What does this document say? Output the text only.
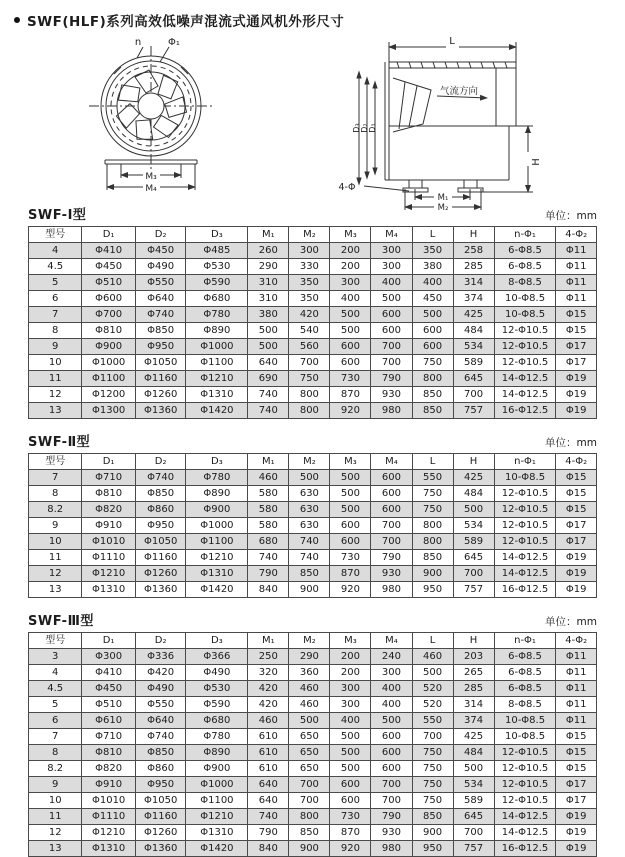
SWF(HLF)系列高效低噪声混流式通风机外形尺寸
n	Φ₁
M₃
M₄
L
气流方向
H
4-Φ
M₁
M₂
D₃ D₂ D₁
SWF-Ⅰ型	单位：mm
型号	D₁	D₂	D₃	M₁	M₂	M₃	M₄	L	H	n-Φ₁	4-Φ₂
4	Φ410	Φ450	Φ485	260	300	200	300	350	258	6-Φ8.5	Φ11
4.5	Φ450	Φ490	Φ530	290	330	200	300	380	285	6-Φ8.5	Φ11
5	Φ510	Φ550	Φ590	310	350	300	400	400	314	8-Φ8.5	Φ11
6	Φ600	Φ640	Φ680	310	350	400	500	450	374	10-Φ8.5	Φ11
7	Φ700	Φ740	Φ780	380	420	500	600	500	425	10-Φ8.5	Φ15
8	Φ810	Φ850	Φ890	500	540	500	600	600	484	12-Φ10.5	Φ15
9	Φ900	Φ950	Φ1000	500	560	600	700	600	534	12-Φ10.5	Φ17
10	Φ1000	Φ1050	Φ1100	640	700	600	700	750	589	12-Φ10.5	Φ17
11	Φ1100	Φ1160	Φ1210	690	750	730	790	800	645	14-Φ12.5	Φ19
12	Φ1200	Φ1260	Φ1310	740	800	870	930	850	700	14-Φ12.5	Φ19
13	Φ1300	Φ1360	Φ1420	740	800	920	980	850	757	16-Φ12.5	Φ19
SWF-Ⅱ型	单位：mm
型号	D₁	D₂	D₃	M₁	M₂	M₃	M₄	L	H	n-Φ₁	4-Φ₂
7	Φ710	Φ740	Φ780	460	500	500	600	550	425	10-Φ8.5	Φ15
8	Φ810	Φ850	Φ890	580	630	500	600	750	484	12-Φ10.5	Φ15
8.2	Φ820	Φ860	Φ900	580	630	500	600	750	500	12-Φ10.5	Φ15
9	Φ910	Φ950	Φ1000	580	630	600	700	800	534	12-Φ10.5	Φ17
10	Φ1010	Φ1050	Φ1100	680	740	600	700	800	589	12-Φ10.5	Φ17
11	Φ1110	Φ1160	Φ1210	740	740	730	790	850	645	14-Φ12.5	Φ19
12	Φ1210	Φ1260	Φ1310	790	850	870	930	900	700	14-Φ12.5	Φ19
13	Φ1310	Φ1360	Φ1420	840	900	920	980	950	757	16-Φ12.5	Φ19
SWF-Ⅲ型	单位：mm
型号	D₁	D₂	D₃	M₁	M₂	M₃	M₄	L	H	n-Φ₁	4-Φ₂
3	Φ300	Φ336	Φ366	250	290	200	240	460	203	6-Φ8.5	Φ11
4	Φ410	Φ420	Φ490	320	360	200	300	500	265	6-Φ8.5	Φ11
4.5	Φ450	Φ490	Φ530	420	460	300	400	520	285	6-Φ8.5	Φ11
5	Φ510	Φ550	Φ590	420	460	300	400	520	314	8-Φ8.5	Φ11
6	Φ610	Φ640	Φ680	460	500	400	500	550	374	10-Φ8.5	Φ11
7	Φ710	Φ740	Φ780	610	650	500	600	700	425	10-Φ8.5	Φ15
8	Φ810	Φ850	Φ890	610	650	500	600	750	484	12-Φ10.5	Φ15
8.2	Φ820	Φ860	Φ900	610	650	500	600	750	500	12-Φ10.5	Φ15
9	Φ910	Φ950	Φ1000	640	700	600	700	750	534	12-Φ10.5	Φ17
10	Φ1010	Φ1050	Φ1100	640	700	600	700	750	589	12-Φ10.5	Φ17
11	Φ1110	Φ1160	Φ1210	740	800	730	790	850	645	14-Φ12.5	Φ19
12	Φ1210	Φ1260	Φ1310	790	850	870	930	900	700	14-Φ12.5	Φ19
13	Φ1310	Φ1360	Φ1420	840	900	920	980	950	757	16-Φ12.5	Φ19
